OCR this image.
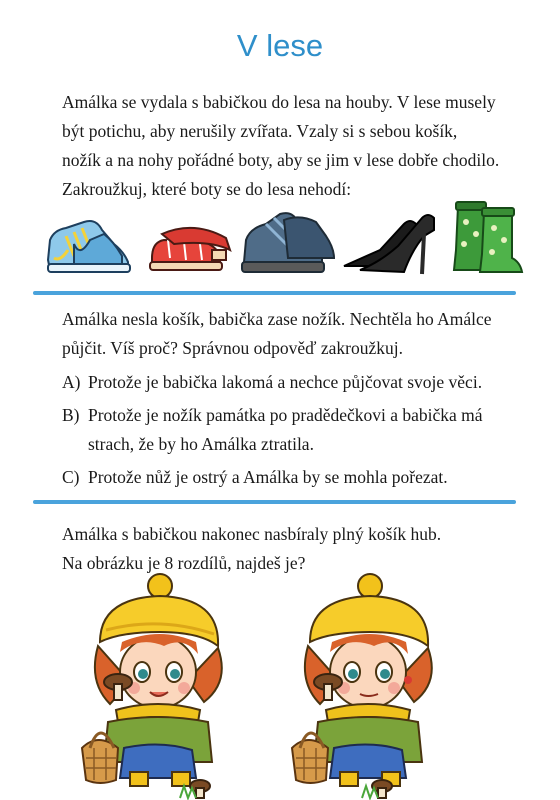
V lese

Amálka se vydala s babičkou do lesa na houby. V lese musely
být potichu, aby nerušily zvířata. Vzaly si s sebou košík,
nožík a na nohy pořádné boty, aby se jim v lese dobře chodilo.
Zakroužkuj, které boty se do lesa nehodí:

Amálka nesla košík, babička zase nožík. Nechtěla ho Amálce
půjčit. Víš proč? Správnou odpověď zakroužkuj.

A) Protože je babička lakomá a nechce půjčovat svoje věci.
B) Protože je nožík památka po pradědečkovi a babička má strach, že by ho Amálka ztratila.
C) Protože nůž je ostrý a Amálka by se mohla pořezat.

Amálka s babičkou nakonec nasbíraly plný košík hub.
Na obrázku je 8 rozdílů, najdeš je?
